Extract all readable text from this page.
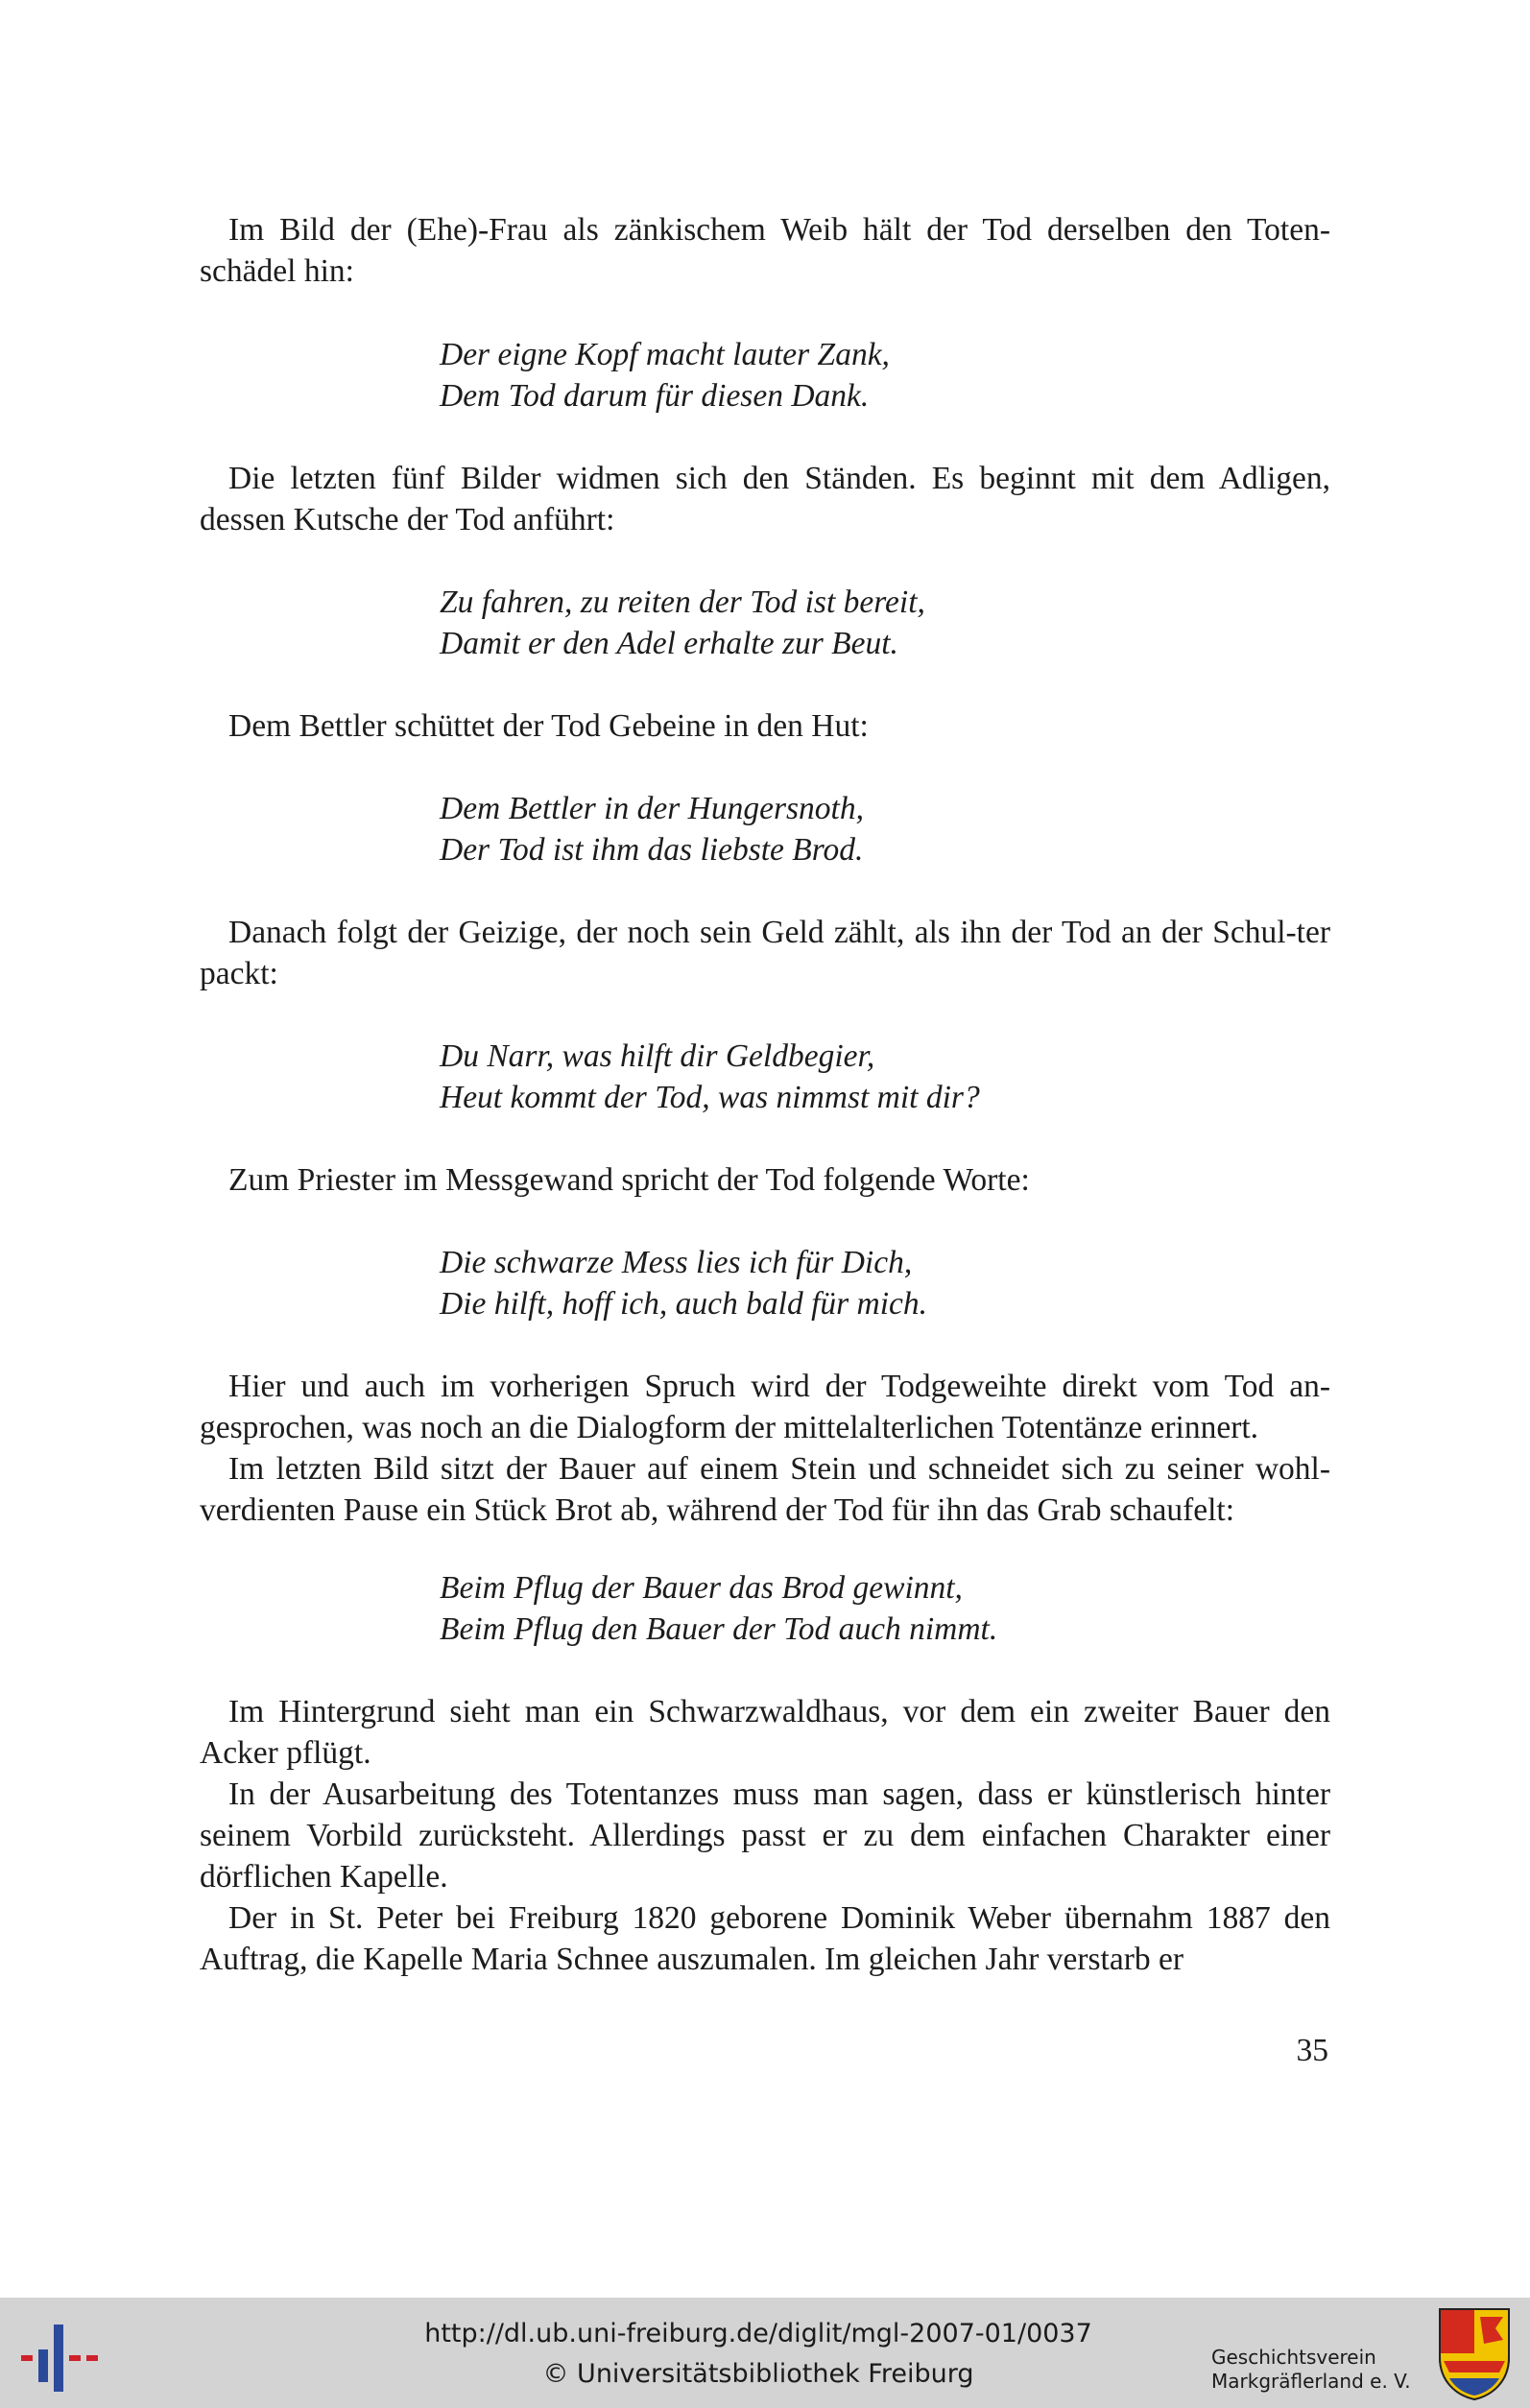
Im Bild der (Ehe)-Frau als zänkischem Weib hält der Tod derselben den Toten-schädel hin:

Der eigne Kopf macht lauter Zank,
Dem Tod darum für diesen Dank.

Die letzten fünf Bilder widmen sich den Ständen. Es beginnt mit dem Adligen, dessen Kutsche der Tod anführt:

Zu fahren, zu reiten der Tod ist bereit,
Damit er den Adel erhalte zur Beut.

Dem Bettler schüttet der Tod Gebeine in den Hut:

Dem Bettler in der Hungersnoth,
Der Tod ist ihm das liebste Brod.

Danach folgt der Geizige, der noch sein Geld zählt, als ihn der Tod an der Schul-ter packt:

Du Narr, was hilft dir Geldbegier,
Heut kommt der Tod, was nimmst mit dir?

Zum Priester im Messgewand spricht der Tod folgende Worte:

Die schwarze Mess lies ich für Dich,
Die hilft, hoff ich, auch bald für mich.

Hier und auch im vorherigen Spruch wird der Todgeweihte direkt vom Tod an-gesprochen, was noch an die Dialogform der mittelalterlichen Totentänze erinnert.

Im letzten Bild sitzt der Bauer auf einem Stein und schneidet sich zu seiner wohl-verdienten Pause ein Stück Brot ab, während der Tod für ihn das Grab schaufelt:

Beim Pflug der Bauer das Brod gewinnt,
Beim Pflug den Bauer der Tod auch nimmt.

Im Hintergrund sieht man ein Schwarzwaldhaus, vor dem ein zweiter Bauer den Acker pflügt.

In der Ausarbeitung des Totentanzes muss man sagen, dass er künstlerisch hinter seinem Vorbild zurücksteht. Allerdings passt er zu dem einfachen Charakter einer dörflichen Kapelle.

Der in St. Peter bei Freiburg 1820 geborene Dominik Weber übernahm 1887 den Auftrag, die Kapelle Maria Schnee auszumalen. Im gleichen Jahr verstarb er

35
http://dl.ub.uni-freiburg.de/diglit/mgl-2007-01/0037
© Universitätsbibliothek Freiburg
Geschichtsverein
Markgräflerland e. V.
